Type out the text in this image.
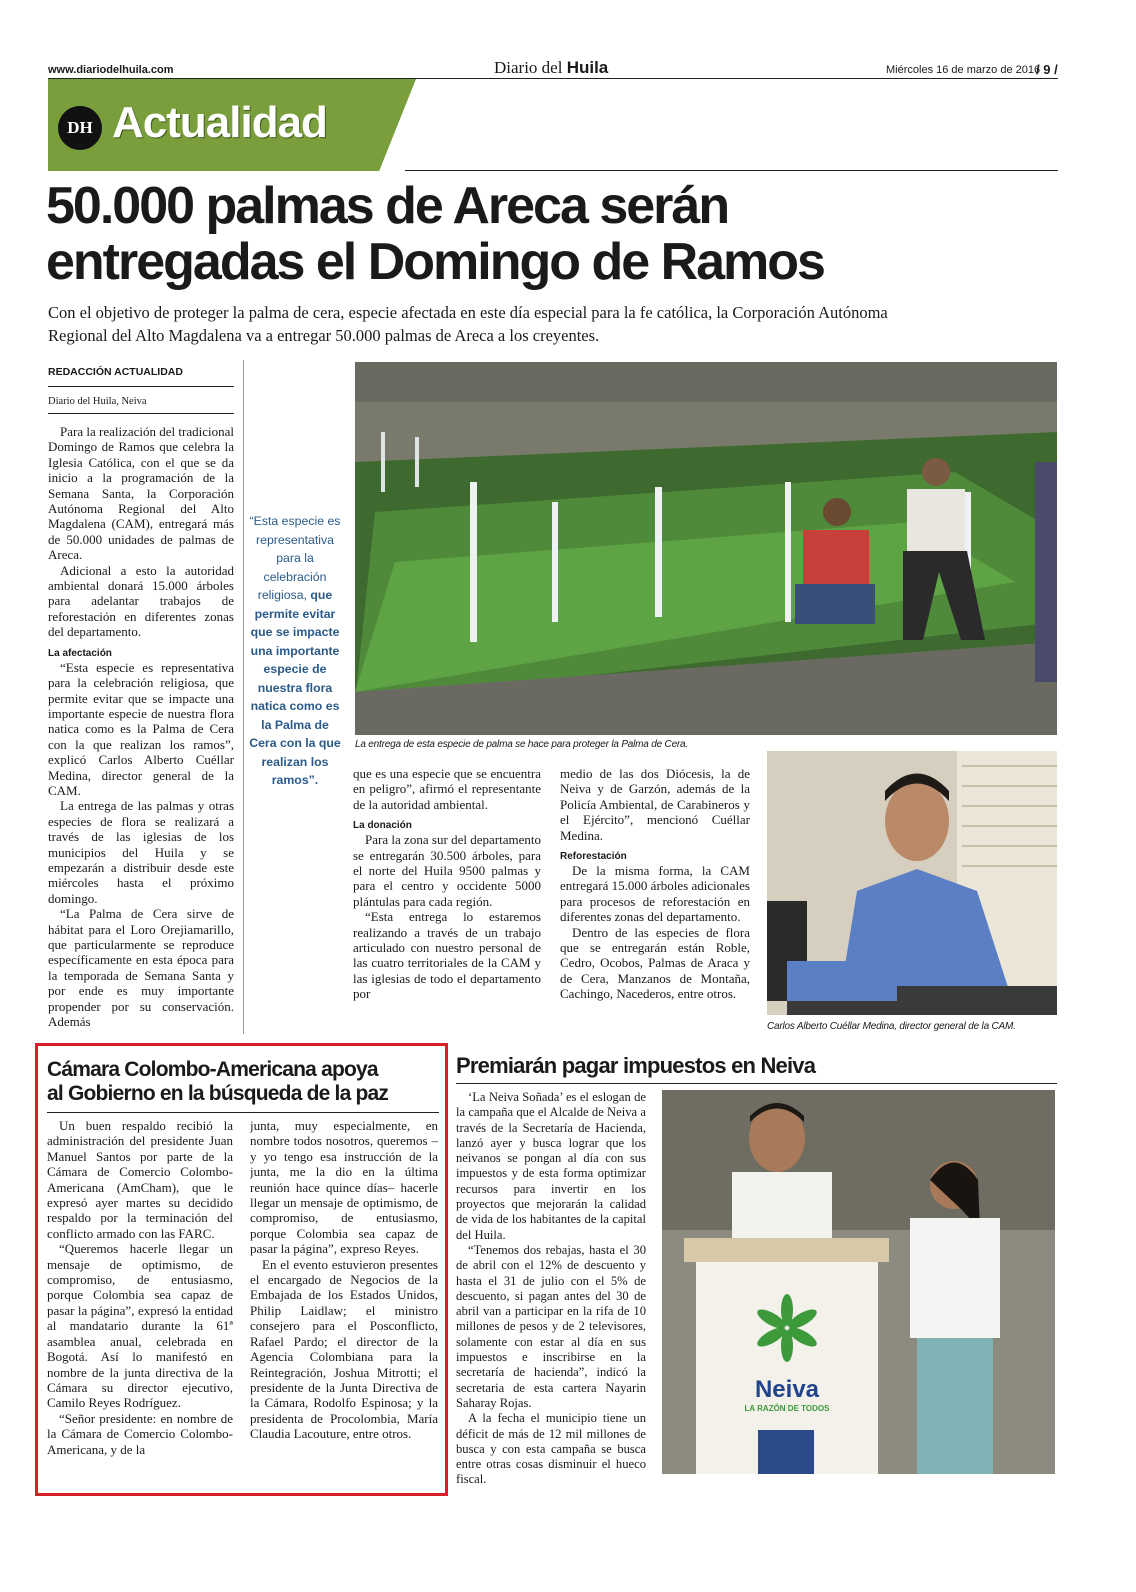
www.diariodelhuila.com	Diario del Huila	Miércoles 16 de marzo de 2016
/ 9 /
DH Actualidad
50.000 palmas de Areca serán
entregadas el Domingo de Ramos
Con el objetivo de proteger la palma de cera, especie afectada en este día especial para la fe católica, la Corporación Autónoma Regional del Alto Magdalena va a entregar 50.000 palmas de Areca a los creyentes.
REDACCIÓN ACTUALIDAD
Diario del Huila, Neiva

Para la realización del tradicional Domingo de Ramos que celebra la Iglesia Católica, con el que se da inicio a la programación de la Semana Santa, la Corporación Autónoma Regional del Alto Magdalena (CAM), entregará más de 50.000 unidades de palmas de Areca.

Adicional a esto la autoridad ambiental donará 15.000 árboles para adelantar trabajos de reforestación en diferentes zonas del departamento.

La afectación

“Esta especie es representativa para la celebración religiosa, que permite evitar que se impacte una importante especie de nuestra flora natica como es la Palma de Cera con la que realizan los ramos”, explicó Carlos Alberto Cuéllar Medina, director general de la CAM.

La entrega de las palmas y otras especies de flora se realizará a través de las iglesias de los municipios del Huila y se empezarán a distribuir desde este miércoles hasta el próximo domingo.

“La Palma de Cera sirve de hábitat para el Loro Orejiamarillo, que particularmente se reproduce específicamente en esta época para la temporada de Semana Santa y por ende es muy importante propender por su conservación. Además

“Esta especie es representativa para la celebración religiosa, que permite evitar que se impacte una importante especie de nuestra flora natica como es la Palma de Cera con la que realizan los ramos”.
La entrega de esta especie de palma se hace para proteger la Palma de Cera.

que es una especie que se encuentra en peligro”, afirmó el representante de la autoridad ambiental.

La donación

Para la zona sur del departamento se entregarán 30.500 árboles, para el norte del Huila 9500 palmas y para el centro y occidente 5000 plántulas para cada región.

“Esta entrega lo estaremos realizando a través de un trabajo articulado con nuestro personal de las cuatro territoriales de la CAM y las iglesias de todo el departamento por

medio de las dos Diócesis, la de Neiva y de Garzón, además de la Policía Ambiental, de Carabineros y el Ejército”, mencionó Cuéllar Medina.

Reforestación

De la misma forma, la CAM entregará 15.000 árboles adicionales para procesos de reforestación en diferentes zonas del departamento.

Dentro de las especies de flora que se entregarán están Roble, Cedro, Ocobos, Palmas de Araca y de Cera, Manzanos de Montaña, Cachingo, Nacederos, entre otros.

Carlos Alberto Cuéllar Medina, director general de la CAM.
Cámara Colombo-Americana apoya
al Gobierno en la búsqueda de la paz

Un buen respaldo recibió la administración del presidente Juan Manuel Santos por parte de la Cámara de Comercio Colombo-Americana (AmCham), que le expresó ayer martes su decidido respaldo por la terminación del conflicto armado con las FARC.

“Queremos hacerle llegar un mensaje de optimismo, de compromiso, de entusiasmo, porque Colombia sea capaz de pasar la página”, expresó la entidad al mandatario durante la 61ª asamblea anual, celebrada en Bogotá. Así lo manifestó en nombre de la junta directiva de la Cámara su director ejecutivo, Camilo Reyes Rodríguez.

“Señor presidente: en nombre de la Cámara de Comercio Colombo-Americana, y de la

junta, muy especialmente, en nombre todos nosotros, queremos –y yo tengo esa instrucción de la junta, me la dio en la última reunión hace quince días– hacerle llegar un mensaje de optimismo, de compromiso, de entusiasmo, porque Colombia sea capaz de pasar la página”, expreso Reyes.

En el evento estuvieron presentes el encargado de Negocios de la Embajada de los Estados Unidos, Philip Laidlaw; el ministro consejero para el Posconflicto, Rafael Pardo; el director de la Agencia Colombiana para la Reintegración, Joshua Mitrotti; el presidente de la Junta Directiva de la Cámara, Rodolfo Espinosa; y la presidenta de Procolombia, María Claudia Lacouture, entre otros.

Premiarán pagar impuestos en Neiva

‘La Neiva Soñada’ es el eslogan de la campaña que el Alcalde de Neiva a través de la Secretaría de Hacienda, lanzó ayer y busca lograr que los neivanos se pongan al día con sus impuestos y de esta forma optimizar recursos para invertir en los proyectos que mejorarán la calidad de vida de los habitantes de la capital del Huila.

“Tenemos dos rebajas, hasta el 30 de abril con el 12% de descuento y hasta el 31 de julio con el 5% de descuento, si pagan antes del 30 de abril van a participar en la rifa de 10 millones de pesos y de 2 televisores, solamente con estar al día en sus impuestos e inscribirse en la secretaría de hacienda”, indicó la secretaria de esta cartera Nayarin Saharay Rojas.

A la fecha el municipio tiene un déficit de más de 12 mil millones de busca y con esta campaña se busca entre otras cosas disminuir el hueco fiscal.

Neiva
LA RAZÓN DE TODOS
